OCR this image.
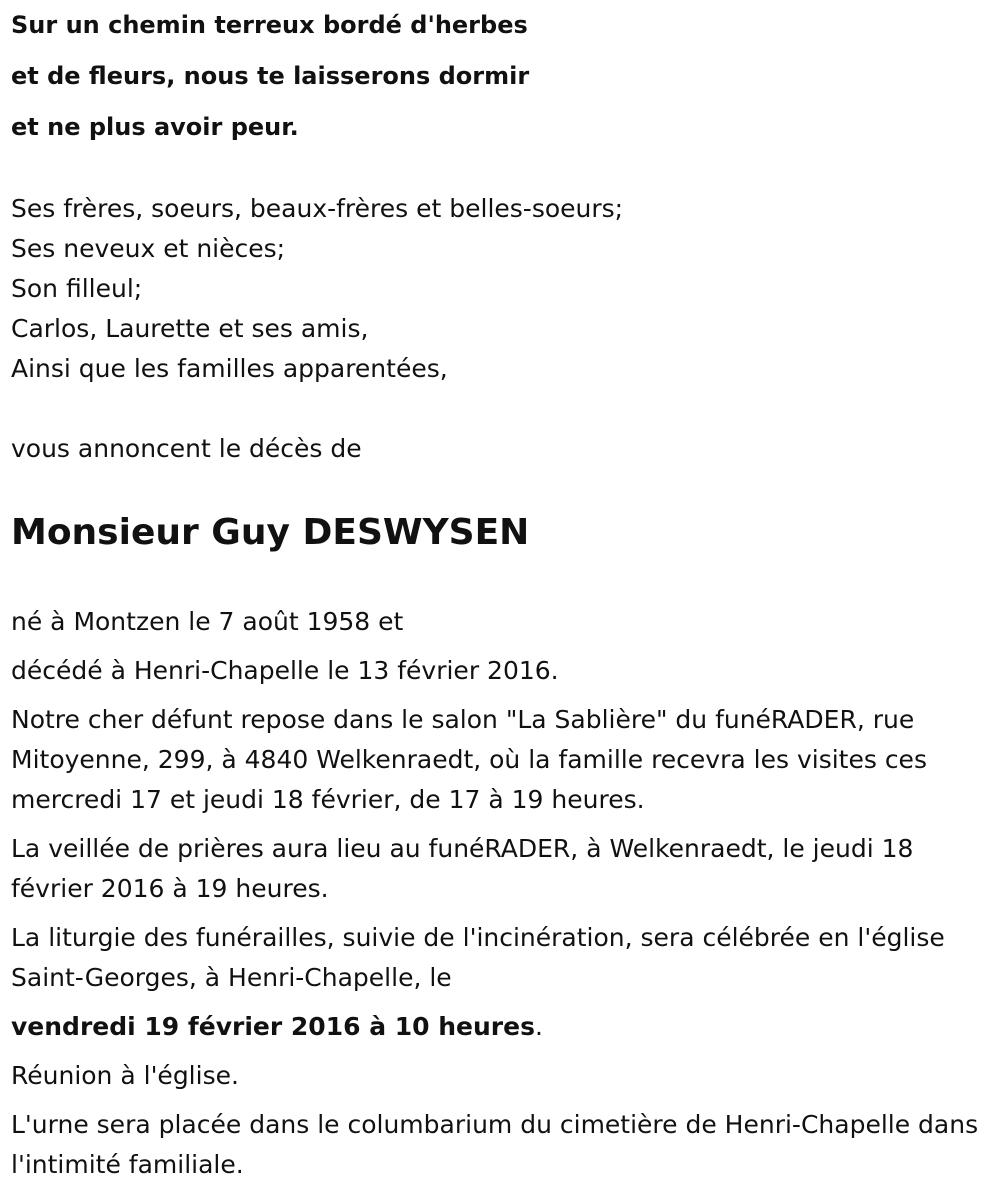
Sur un chemin terreux bordé d'herbes
et de fleurs, nous te laisserons dormir
et ne plus avoir peur.
Ses frères, soeurs, beaux-frères et belles-soeurs;
Ses neveux et nièces;
Son filleul;
Carlos, Laurette et ses amis,
Ainsi que les familles apparentées,
vous annoncent le décès de
Monsieur Guy DESWYSEN
né à Montzen le 7 août 1958 et
décédé à Henri-Chapelle le 13 février 2016.
Notre cher défunt repose dans le salon "La Sablière" du funéRADER, rue Mitoyenne, 299, à 4840 Welkenraedt, où la famille recevra les visites ces mercredi 17 et jeudi 18 février, de 17 à 19 heures.
La veillée de prières aura lieu au funéRADER, à Welkenraedt, le jeudi 18 février 2016 à 19 heures.
La liturgie des funérailles, suivie de l'incinération, sera célébrée en l'église Saint-Georges, à Henri-Chapelle, le
vendredi 19 février 2016 à 10 heures.
Réunion à l'église.
L'urne sera placée dans le columbarium du cimetière de Henri-Chapelle dans l'intimité familiale.
